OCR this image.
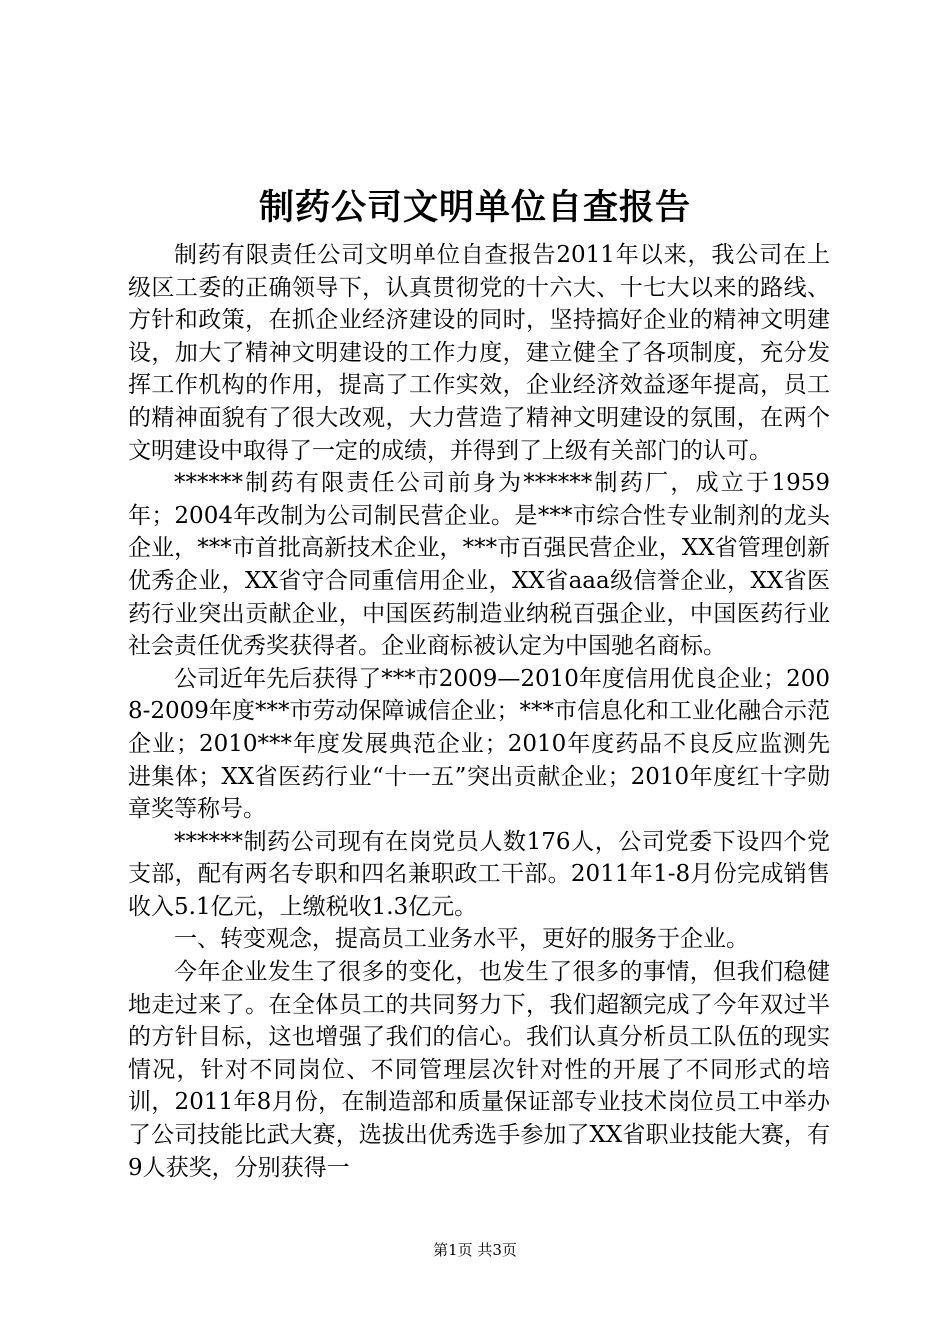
制药公司文明单位自查报告

制药有限责任公司文明单位自查报告2011年以来，我公司在上级区工委的正确领导下，认真贯彻党的十六大、十七大以来的路线、方针和政策，在抓企业经济建设的同时，坚持搞好企业的精神文明建设，加大了精神文明建设的工作力度，建立健全了各项制度，充分发挥工作机构的作用，提高了工作实效，企业经济效益逐年提高，员工的精神面貌有了很大改观，大力营造了精神文明建设的氛围，在两个文明建设中取得了一定的成绩，并得到了上级有关部门的认可。

******制药有限责任公司前身为******制药厂，成立于1959年；2004年改制为公司制民营企业。是***市综合性专业制剂的龙头企业，***市首批高新技术企业，***市百强民营企业，XX省管理创新优秀企业，XX省守合同重信用企业，XX省aaa级信誉企业，XX省医药行业突出贡献企业，中国医药制造业纳税百强企业，中国医药行业社会责任优秀奖获得者。企业商标被认定为中国驰名商标。

公司近年先后获得了***市2009—2010年度信用优良企业；2008-2009年度***市劳动保障诚信企业；***市信息化和工业化融合示范企业；2010***年度发展典范企业；2010年度药品不良反应监测先进集体；XX省医药行业“十一五”突出贡献企业；2010年度红十字勋章奖等称号。

******制药公司现有在岗党员人数176人，公司党委下设四个党支部，配有两名专职和四名兼职政工干部。2011年1-8月份完成销售收入5.1亿元，上缴税收1.3亿元。

一、转变观念，提高员工业务水平，更好的服务于企业。

今年企业发生了很多的变化，也发生了很多的事情，但我们稳健地走过来了。在全体员工的共同努力下，我们超额完成了今年双过半的方针目标，这也增强了我们的信心。我们认真分析员工队伍的现实情况，针对不同岗位、不同管理层次针对性的开展了不同形式的培训，2011年8月份，在制造部和质量保证部专业技术岗位员工中举办了公司技能比武大赛，选拔出优秀选手参加了XX省职业技能大赛，有9人获奖，分别获得一

第1页 共3页
